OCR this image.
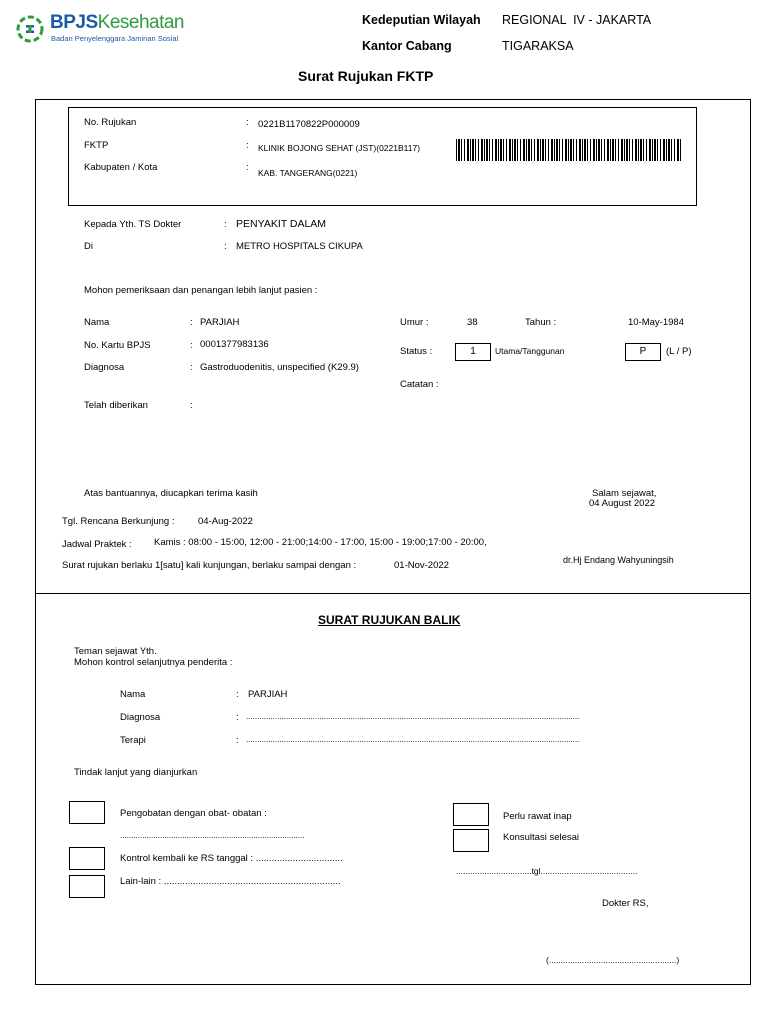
BPJSKesehatan
Badan Penyelenggara Jaminan Sosial
Kedeputian Wilayah REGIONAL  IV - JAKARTA
Kantor Cabang	TIGARAKSA
Surat Rujukan FKTP
No. Rujukan	: 0221B1170822P000009
FKTP	: KLINIK BOJONG SEHAT (JST)(0221B117)
Kabupaten / Kota	: KAB. TANGERANG(0221)
Kepada Yth. TS Dokter	: PENYAKIT DALAM
Di	: METRO HOSPITALS CIKUPA
Mohon pemeriksaan dan penangan lebih lanjut pasien :
Nama	: PARJIAH
No. Kartu BPJS	: 0001377983136
Diagnosa	: Gastroduodenitis, unspecified (K29.9)
Telah diberikan	:
Umur :	38	Tahun :	10-May-1984
Status :	1	Utama/Tanggunan	P	(L / P)
Catatan :
Atas bantuannya, diucapkan terima kasih	Salam sejawat,
04 August 2022
Tgl. Rencana Berkunjung : 04-Aug-2022
Jadwal Praktek : Kamis : 08:00 - 15:00, 12:00 - 21:00;14:00 - 17:00, 15:00 - 19:00;17:00 - 20:00,
dr.Hj Endang Wahyuningsih
Surat rujukan berlaku 1[satu] kali kunjungan, berlaku sampai dengan :	01-Nov-2022
SURAT RUJUKAN BALIK
Teman sejawat Yth.
Mohon kontrol selanjutnya penderita :
Nama	: PARJIAH
Diagnosa	: ......................................................................................................................................................
Terapi	: ......................................................................................................................................................
Tindak lanjut yang dianjurkan
Pengobatan dengan obat- obatan :
...................................................................................
Kontrol kembali ke RS tanggal : .................................
Lain-lain : ...................................................................
Perlu rawat inap
Konsultasi selesai
................................tgl.........................................
Dokter RS,
(......................................................)
